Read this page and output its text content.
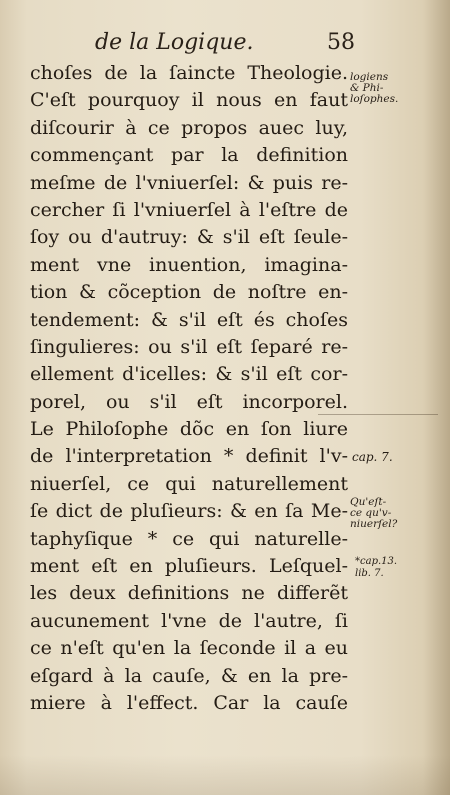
de la Logique.	58
choſes de la ſaincte Theologie.
C'eſt pourquoy il nous en faut
diſcourir à ce propos auec luy,
commençant par la definition
meſme de l'vniuerſel: & puis re-
cercher ſi l'vniuerſel à l'eſtre de
ſoy ou d'autruy: & s'il eſt ſeule-
ment vne inuention, imagina-
tion & cõception de noſtre en-
tendement: & s'il eſt és choſes
ſingulieres: ou s'il eſt ſeparé re-
ellement d'icelles: & s'il eſt cor-
porel, ou s'il eſt incorporel.
Le Philoſophe dõc en ſon liure
de l'interpretation * definit l'v-
niuerſel, ce qui naturellement
ſe dict de pluſieurs: & en ſa Me-
taphyſique * ce qui naturelle-
ment eſt en pluſieurs. Leſquel-
les deux definitions ne differẽt
aucunement l'vne de l'autre, ſi
ce n'eſt qu'en la ſeconde il a eu
eſgard à la cauſe, & en la pre-
miere à l'effect. Car la cauſe
logiens
& Phi-
loſophes.
cap. 7.
Qu'eſt-
ce qu'v-
niuerſel?
*cap.13.
lib. 7.
